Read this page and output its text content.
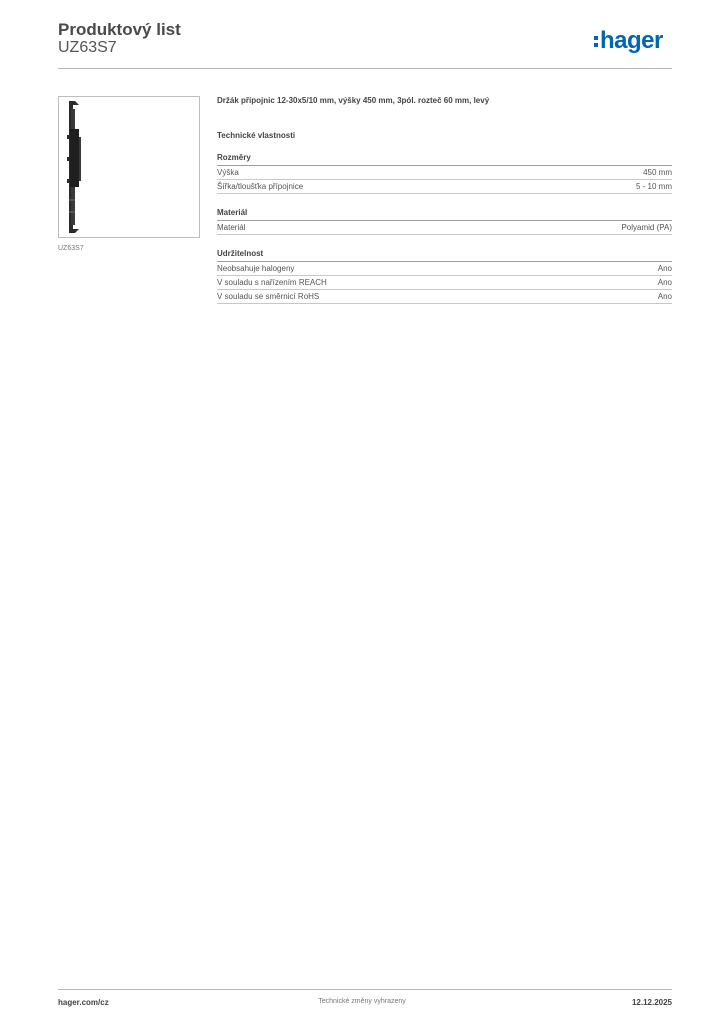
Produktový list
UZ63S7	hager
UZ63S7

Držák přípojnic 12-30x5/10 mm, výšky 450 mm, 3pól. rozteč 60 mm, levý

Technické vlastnosti
Rozměry
Výška	450 mm
Šířka/tloušťka přípojnice	5 - 10 mm
Materiál
Materiál	Polyamid (PA)
Udržitelnost
Neobsahuje halogeny	Ano
V souladu s nařízením REACH	Ano
V souladu se směrnicí RoHS	Ano
hager.com/cz	Technické změny vyhrazeny	12.12.2025
